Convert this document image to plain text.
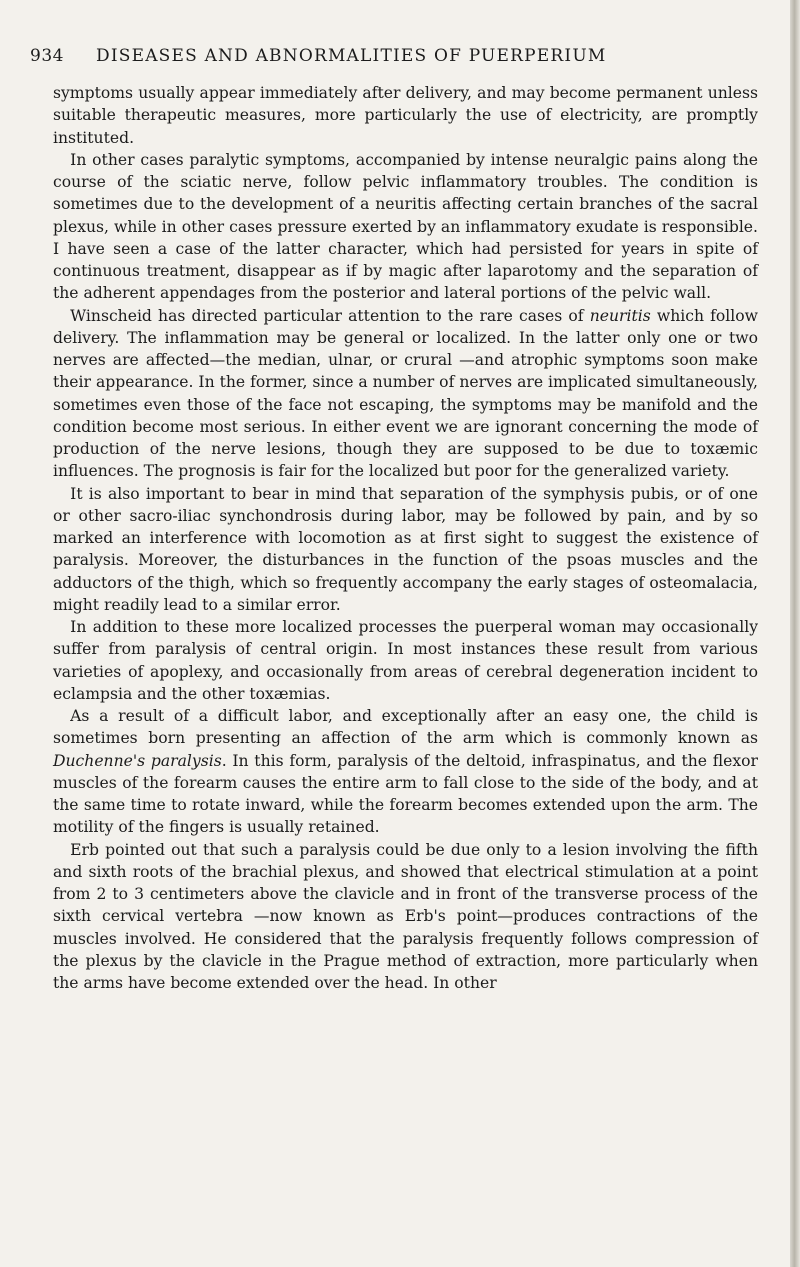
934 DISEASES AND ABNORMALITIES OF PUERPERIUM

symptoms usually appear immediately after delivery, and may become permanent unless suitable therapeutic measures, more particularly the use of electricity, are promptly instituted.

In other cases paralytic symptoms, accompanied by intense neuralgic pains along the course of the sciatic nerve, follow pelvic inflammatory troubles. The condition is sometimes due to the development of a neuritis affecting certain branches of the sacral plexus, while in other cases pressure exerted by an inflammatory exudate is responsible. I have seen a case of the latter character, which had persisted for years in spite of continuous treatment, disappear as if by magic after laparotomy and the separation of the adherent appendages from the posterior and lateral portions of the pelvic wall.

Winscheid has directed particular attention to the rare cases of neuritis which follow delivery. The inflammation may be general or localized. In the latter only one or two nerves are affected—the median, ulnar, or crural —and atrophic symptoms soon make their appearance. In the former, since a number of nerves are implicated simultaneously, sometimes even those of the face not escaping, the symptoms may be manifold and the condition become most serious. In either event we are ignorant concerning the mode of production of the nerve lesions, though they are supposed to be due to toxæmic influences. The prognosis is fair for the localized but poor for the generalized variety.

It is also important to bear in mind that separation of the symphysis pubis, or of one or other sacro-iliac synchondrosis during labor, may be followed by pain, and by so marked an interference with locomotion as at first sight to suggest the existence of paralysis. Moreover, the disturbances in the function of the psoas muscles and the adductors of the thigh, which so frequently accompany the early stages of osteomalacia, might readily lead to a similar error.

In addition to these more localized processes the puerperal woman may occasionally suffer from paralysis of central origin. In most instances these result from various varieties of apoplexy, and occasionally from areas of cerebral degeneration incident to eclampsia and the other toxæmias.

As a result of a difficult labor, and exceptionally after an easy one, the child is sometimes born presenting an affection of the arm which is commonly known as Duchenne's paralysis. In this form, paralysis of the deltoid, infraspinatus, and the flexor muscles of the forearm causes the entire arm to fall close to the side of the body, and at the same time to rotate inward, while the forearm becomes extended upon the arm. The motility of the fingers is usually retained.

Erb pointed out that such a paralysis could be due only to a lesion involving the fifth and sixth roots of the brachial plexus, and showed that electrical stimulation at a point from 2 to 3 centimeters above the clavicle and in front of the transverse process of the sixth cervical vertebra —now known as Erb's point—produces contractions of the muscles involved. He considered that the paralysis frequently follows compression of the plexus by the clavicle in the Prague method of extraction, more particularly when the arms have become extended over the head. In other
